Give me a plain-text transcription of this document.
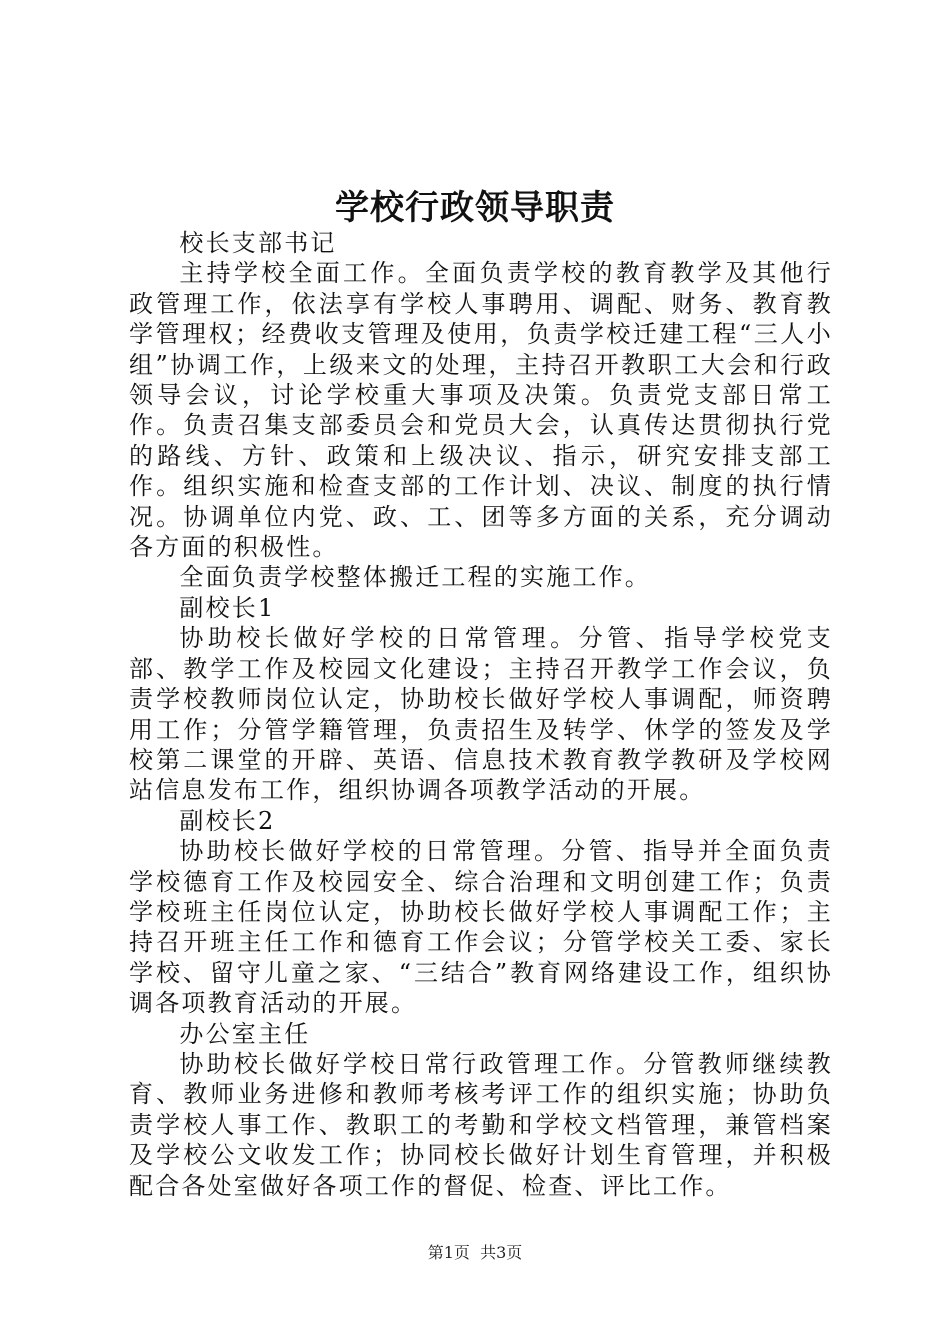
学校行政领导职责

校长支部书记

主持学校全面工作。全面负责学校的教育教学及其他行政管理工作，依法享有学校人事聘用、调配、财务、教育教学管理权；经费收支管理及使用，负责学校迁建工程“三人小组”协调工作，上级来文的处理，主持召开教职工大会和行政领导会议，讨论学校重大事项及决策。负责党支部日常工作。负责召集支部委员会和党员大会，认真传达贯彻执行党的路线、方针、政策和上级决议、指示，研究安排支部工作。组织实施和检查支部的工作计划、决议、制度的执行情况。协调单位内党、政、工、团等多方面的关系，充分调动各方面的积极性。

全面负责学校整体搬迁工程的实施工作。

副校长1

协助校长做好学校的日常管理。分管、指导学校党支部、教学工作及校园文化建设；主持召开教学工作会议，负责学校教师岗位认定，协助校长做好学校人事调配，师资聘用工作；分管学籍管理，负责招生及转学、休学的签发及学校第二课堂的开辟、英语、信息技术教育教学教研及学校网站信息发布工作，组织协调各项教学活动的开展。

副校长2

协助校长做好学校的日常管理。分管、指导并全面负责学校德育工作及校园安全、综合治理和文明创建工作；负责学校班主任岗位认定，协助校长做好学校人事调配工作；主持召开班主任工作和德育工作会议；分管学校关工委、家长学校、留守儿童之家、“三结合”教育网络建设工作，组织协调各项教育活动的开展。

办公室主任

协助校长做好学校日常行政管理工作。分管教师继续教育、教师业务进修和教师考核考评工作的组织实施；协助负责学校人事工作、教职工的考勤和学校文档管理，兼管档案及学校公文收发工作；协同校长做好计划生育管理，并积极配合各处室做好各项工作的督促、检查、评比工作。

第1页 共3页
